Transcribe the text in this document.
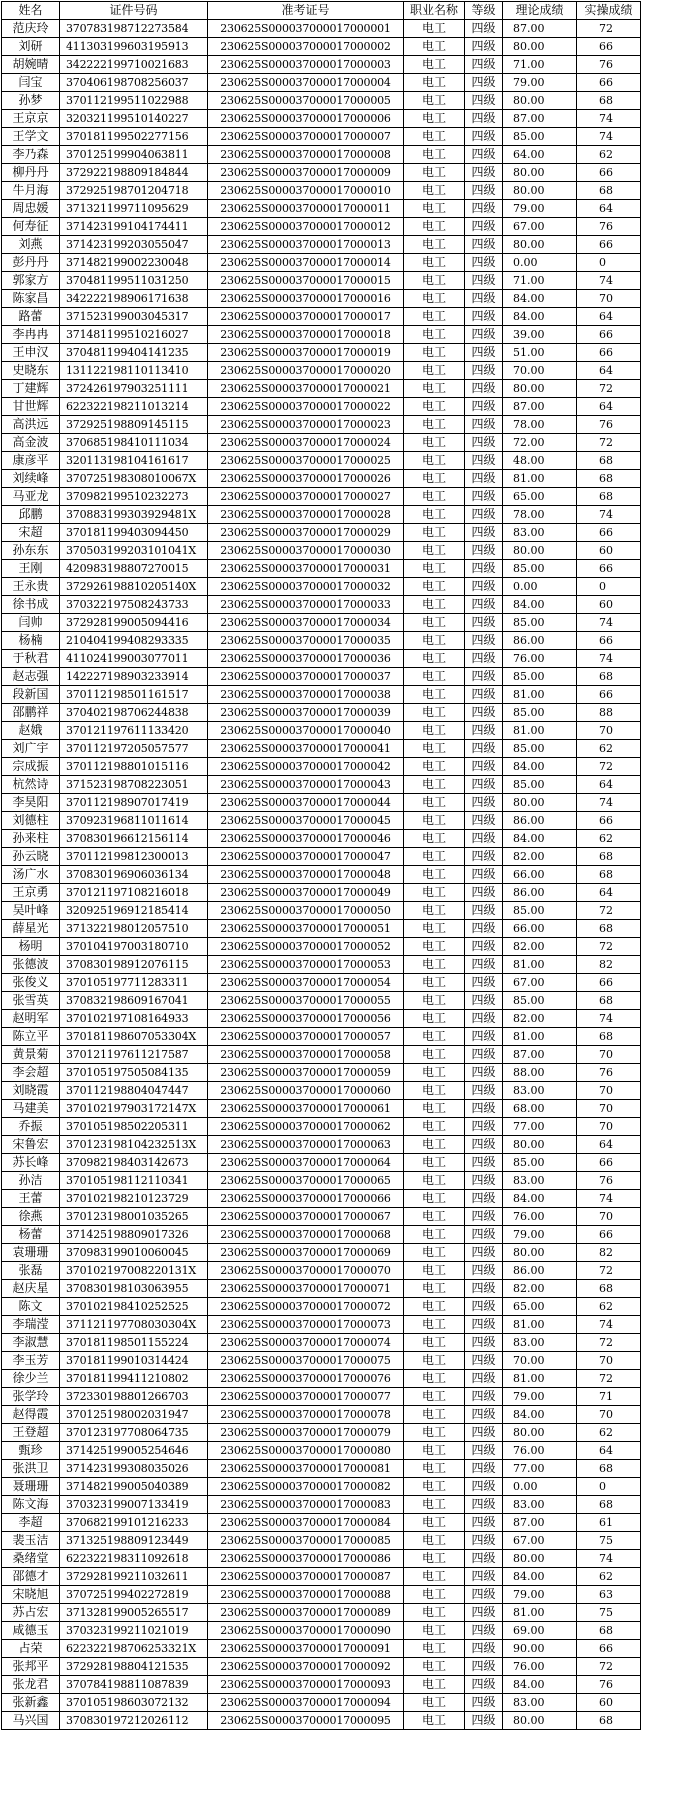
姓名	证件号码	准考证号	职业名称	等级	理论成绩	实操成绩
范庆玲	370783198712273584	230625S000037000017000001	电工	四级	87.00	72
刘研	411303199603195913	230625S000037000017000002	电工	四级	80.00	66
胡婉晴	342222199710021683	230625S000037000017000003	电工	四级	71.00	76
闫宝	370406198708256037	230625S000037000017000004	电工	四级	79.00	66
孙梦	370112199511022988	230625S000037000017000005	电工	四级	80.00	68
王京京	320321199510140227	230625S000037000017000006	电工	四级	87.00	74
王学文	370181199502277156	230625S000037000017000007	电工	四级	85.00	74
李乃森	370125199904063811	230625S000037000017000008	电工	四级	64.00	62
柳丹丹	372922198809184844	230625S000037000017000009	电工	四级	80.00	66
牛月海	372925198701204718	230625S000037000017000010	电工	四级	80.00	68
周忠媛	371321199711095629	230625S000037000017000011	电工	四级	79.00	64
何寿征	371423199104174411	230625S000037000017000012	电工	四级	67.00	76
刘燕	371423199203055047	230625S000037000017000013	电工	四级	80.00	66
彭丹丹	371482199002230048	230625S000037000017000014	电工	四级	0.00	0
郭家方	370481199511031250	230625S000037000017000015	电工	四级	71.00	74
陈家昌	342222198906171638	230625S000037000017000016	电工	四级	84.00	70
路蕾	371523199003045317	230625S000037000017000017	电工	四级	84.00	64
李冉冉	371481199510216027	230625S000037000017000018	电工	四级	39.00	66
王申汉	370481199404141235	230625S000037000017000019	电工	四级	51.00	66
史晓东	131122198110113410	230625S000037000017000020	电工	四级	70.00	64
丁建辉	372426197903251111	230625S000037000017000021	电工	四级	80.00	72
甘世辉	622322198211013214	230625S000037000017000022	电工	四级	87.00	64
高洪远	372925198809145115	230625S000037000017000023	电工	四级	78.00	76
高金波	370685198410111034	230625S000037000017000024	电工	四级	72.00	72
康彦平	320113198104161617	230625S000037000017000025	电工	四级	48.00	68
刘续峰	370725198308010067X	230625S000037000017000026	电工	四级	81.00	68
马亚龙	370982199510232273	230625S000037000017000027	电工	四级	65.00	68
邱鹏	370883199303929481X	230625S000037000017000028	电工	四级	78.00	74
宋超	370181199403094450	230625S000037000017000029	电工	四级	83.00	66
孙东东	370503199203101041X	230625S000037000017000030	电工	四级	80.00	60
王刚	420983198807270015	230625S000037000017000031	电工	四级	85.00	66
王永贵	372926198810205140X	230625S000037000017000032	电工	四级	0.00	0
徐书成	370322197508243733	230625S000037000017000033	电工	四级	84.00	60
闫帅	372928199005094416	230625S000037000017000034	电工	四级	85.00	74
杨楠	210404199408293335	230625S000037000017000035	电工	四级	86.00	66
于秋君	411024199003077011	230625S000037000017000036	电工	四级	76.00	74
赵志强	142227198903233914	230625S000037000017000037	电工	四级	85.00	68
段新国	370112198501161517	230625S000037000017000038	电工	四级	81.00	66
邵鹏祥	370402198706244838	230625S000037000017000039	电工	四级	85.00	88
赵娥	370121197611133420	230625S000037000017000040	电工	四级	81.00	70
刘广宇	370112197205057577	230625S000037000017000041	电工	四级	85.00	62
宗成振	370112198801015116	230625S000037000017000042	电工	四级	84.00	72
杭然诗	371523198708223051	230625S000037000017000043	电工	四级	85.00	64
李昊阳	370112198907017419	230625S000037000017000044	电工	四级	80.00	74
刘德柱	370923196811011614	230625S000037000017000045	电工	四级	86.00	66
孙来柱	370830196612156114	230625S000037000017000046	电工	四级	84.00	62
孙云晓	370112199812300013	230625S000037000017000047	电工	四级	82.00	68
汤广水	370830196906036134	230625S000037000017000048	电工	四级	66.00	68
王京勇	370121197108216018	230625S000037000017000049	电工	四级	86.00	64
吴叶峰	320925196912185414	230625S000037000017000050	电工	四级	85.00	72
薛星光	371322198012057510	230625S000037000017000051	电工	四级	66.00	68
杨明	370104197003180710	230625S000037000017000052	电工	四级	82.00	72
张德波	370830198912076115	230625S000037000017000053	电工	四级	81.00	82
张俊义	370105197711283311	230625S000037000017000054	电工	四级	67.00	66
张雪英	370832198609167041	230625S000037000017000055	电工	四级	85.00	68
赵明军	370102197108164933	230625S000037000017000056	电工	四级	82.00	74
陈立平	370181198607053304X	230625S000037000017000057	电工	四级	81.00	68
黄景菊	370121197611217587	230625S000037000017000058	电工	四级	87.00	70
李会超	370105197505084135	230625S000037000017000059	电工	四级	88.00	76
刘晓霞	370112198804047447	230625S000037000017000060	电工	四级	83.00	70
马建美	370102197903172147X	230625S000037000017000061	电工	四级	68.00	70
乔振	370105198502205311	230625S000037000017000062	电工	四级	77.00	70
宋鲁宏	370123198104232513X	230625S000037000017000063	电工	四级	80.00	64
苏长峰	370982198403142673	230625S000037000017000064	电工	四级	85.00	66
孙洁	370105198112110341	230625S000037000017000065	电工	四级	83.00	76
王蕾	370102198210123729	230625S000037000017000066	电工	四级	84.00	74
徐燕	370123198001035265	230625S000037000017000067	电工	四级	76.00	70
杨蕾	371425198809017326	230625S000037000017000068	电工	四级	79.00	66
袁珊珊	370983199010060045	230625S000037000017000069	电工	四级	80.00	82
张磊	370102197008220131X	230625S000037000017000070	电工	四级	86.00	72
赵庆星	370830198103063955	230625S000037000017000071	电工	四级	82.00	68
陈文	370102198410252525	230625S000037000017000072	电工	四级	65.00	62
李瑞滢	371121197708030304X	230625S000037000017000073	电工	四级	81.00	74
李淑慧	370181198501155224	230625S000037000017000074	电工	四级	83.00	72
李玉芳	370181199010314424	230625S000037000017000075	电工	四级	70.00	70
徐少兰	370181199411210802	230625S000037000017000076	电工	四级	81.00	72
张学玲	372330198801266703	230625S000037000017000077	电工	四级	79.00	71
赵得霞	370125198002031947	230625S000037000017000078	电工	四级	84.00	70
王登超	370123197708064735	230625S000037000017000079	电工	四级	80.00	62
甄珍	371425199005254646	230625S000037000017000080	电工	四级	76.00	64
张洪卫	371423199308035026	230625S000037000017000081	电工	四级	77.00	68
聂珊珊	371482199005040389	230625S000037000017000082	电工	四级	0.00	0
陈文海	370323199007133419	230625S000037000017000083	电工	四级	83.00	68
李超	370682199101216233	230625S000037000017000084	电工	四级	87.00	61
裴玉洁	371325198809123449	230625S000037000017000085	电工	四级	67.00	75
桑绪堂	622322198311092618	230625S000037000017000086	电工	四级	80.00	74
邵德才	372928199211032611	230625S000037000017000087	电工	四级	84.00	62
宋晓旭	370725199402272819	230625S000037000017000088	电工	四级	79.00	63
苏占宏	371328199005265517	230625S000037000017000089	电工	四级	81.00	75
咸德玉	370323199211021019	230625S000037000017000090	电工	四级	69.00	68
占荣	622322198706253321X	230625S000037000017000091	电工	四级	90.00	66
张邦平	372928198804121535	230625S000037000017000092	电工	四级	76.00	72
张龙君	370784198811087839	230625S000037000017000093	电工	四级	84.00	76
张新鑫	370105198603072132	230625S000037000017000094	电工	四级	83.00	60
马兴国	370830197212026112	230625S000037000017000095	电工	四级	80.00	68
